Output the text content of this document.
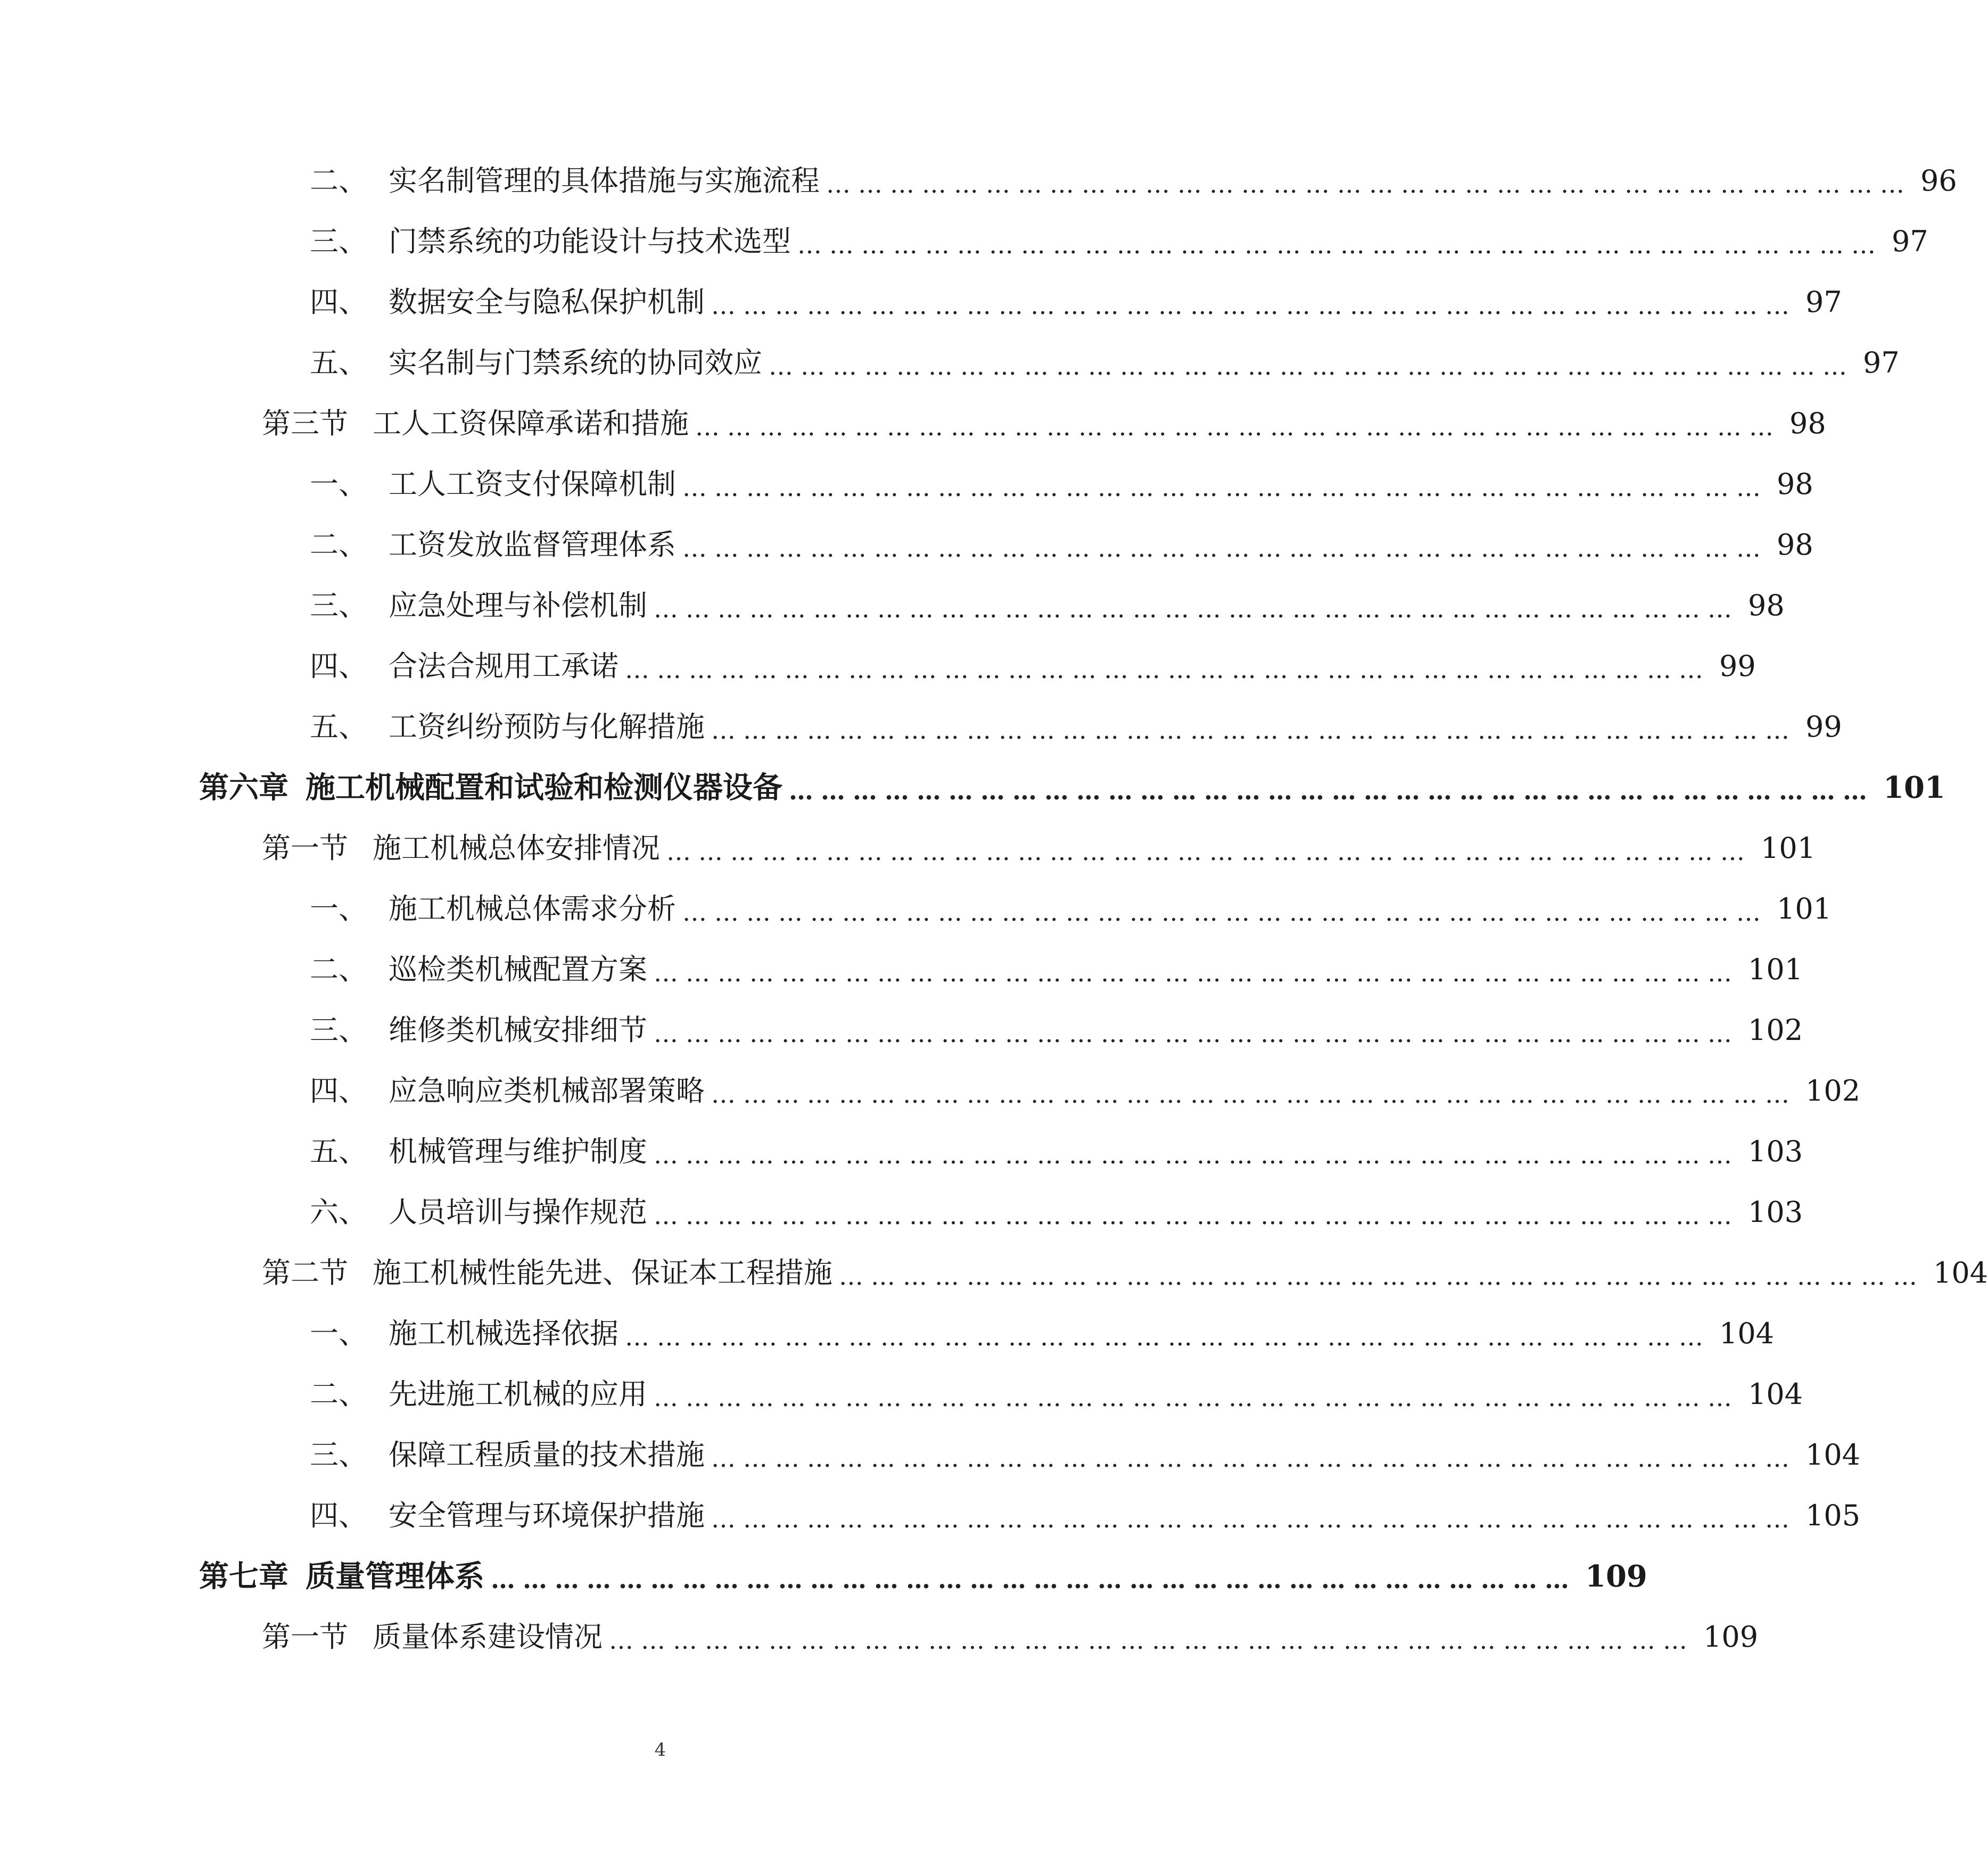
二、 实名制管理的具体措施与实施流程 ………………………………………………………………………………………… 96
三、 门禁系统的功能设计与技术选型 ………………………………………………………………………………………… 97
四、 数据安全与隐私保护机制 ………………………………………………………………………………………… 97
五、 实名制与门禁系统的协同效应 ………………………………………………………………………………………… 97
第三节 工人工资保障承诺和措施 ………………………………………………………………………………………… 98
一、 工人工资支付保障机制 ………………………………………………………………………………………… 98
二、 工资发放监督管理体系 ………………………………………………………………………………………… 98
三、 应急处理与补偿机制 ………………………………………………………………………………………… 98
四、 合法合规用工承诺 ………………………………………………………………………………………… 99
五、 工资纠纷预防与化解措施 ………………………………………………………………………………………… 99
第六章 施工机械配置和试验和检测仪器设备 ………………………………………………………………………………………… 101
第一节 施工机械总体安排情况 ………………………………………………………………………………………… 101
一、 施工机械总体需求分析 ………………………………………………………………………………………… 101
二、 巡检类机械配置方案 ………………………………………………………………………………………… 101
三、 维修类机械安排细节 ………………………………………………………………………………………… 102
四、 应急响应类机械部署策略 ………………………………………………………………………………………… 102
五、 机械管理与维护制度 ………………………………………………………………………………………… 103
六、 人员培训与操作规范 ………………………………………………………………………………………… 103
第二节 施工机械性能先进、保证本工程措施 ………………………………………………………………………………………… 104
一、 施工机械选择依据 ………………………………………………………………………………………… 104
二、 先进施工机械的应用 ………………………………………………………………………………………… 104
三、 保障工程质量的技术措施 ………………………………………………………………………………………… 104
四、 安全管理与环境保护措施 ………………………………………………………………………………………… 105
第七章 质量管理体系 ………………………………………………………………………………………… 109
第一节 质量体系建设情况 ………………………………………………………………………………………… 109
4
